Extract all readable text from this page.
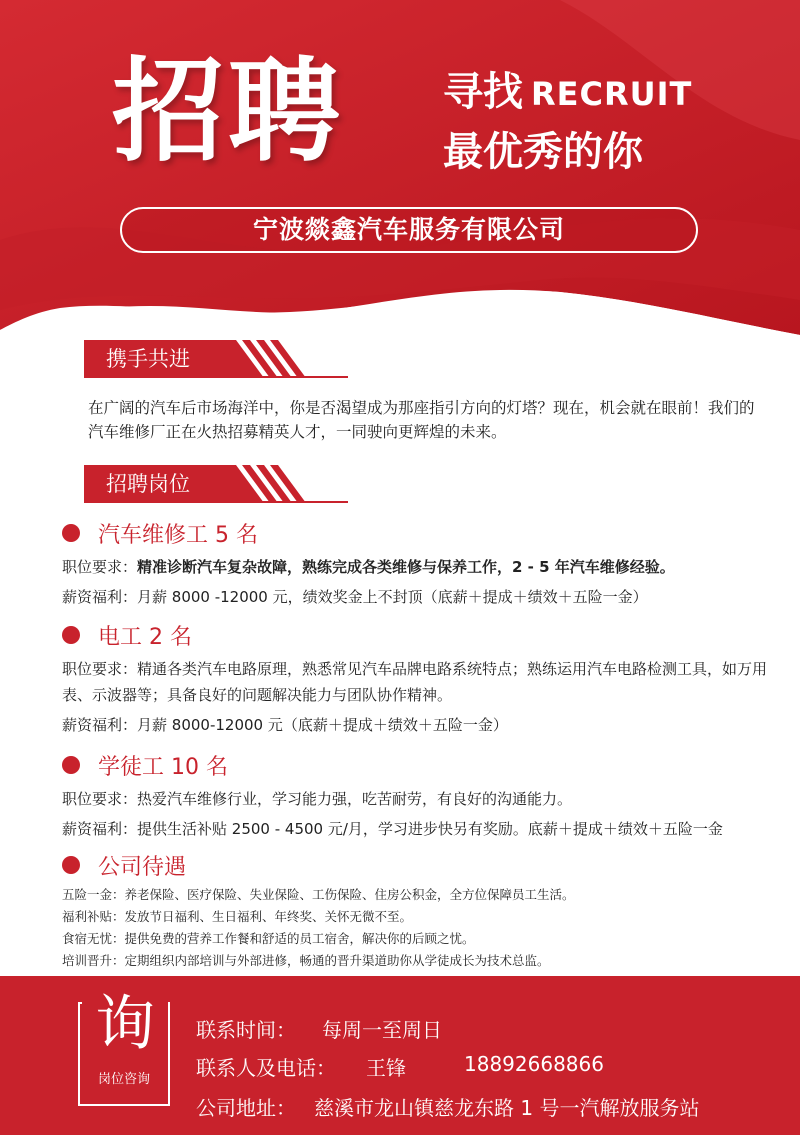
招聘 寻找 RECRUIT
最优秀的你
宁波燚鑫汽车服务有限公司
携手共进
在广阔的汽车后市场海洋中，你是否渴望成为那座指引方向的灯塔？现在，机会就在眼前！我们的汽车维修厂正在火热招募精英人才，一同驶向更辉煌的未来。
招聘岗位
汽车维修工 5 名
职位要求：精准诊断汽车复杂故障，熟练完成各类维修与保养工作，2 - 5 年汽车维修经验。
薪资福利：月薪 8000 -12000 元，绩效奖金上不封顶（底薪＋提成＋绩效＋五险一金）
电工 2 名
职位要求：精通各类汽车电路原理，熟悉常见汽车品牌电路系统特点；熟练运用汽车电路检测工具，如万用表、示波器等；具备良好的问题解决能力与团队协作精神。
薪资福利：月薪 8000-12000 元（底薪＋提成＋绩效＋五险一金）
学徒工 10 名
职位要求：热爱汽车维修行业，学习能力强，吃苦耐劳，有良好的沟通能力。
薪资福利：提供生活补贴 2500 - 4500 元/月，学习进步快另有奖励。底薪＋提成＋绩效＋五险一金
公司待遇
五险一金：养老保险、医疗保险、失业保险、工伤保险、住房公积金，全方位保障员工生活。
福利补贴：发放节日福利、生日福利、年终奖、关怀无微不至。
食宿无忧：提供免费的营养工作餐和舒适的员工宿舍，解决你的后顾之忧。
培训晋升：定期组织内部培训与外部进修，畅通的晋升渠道助你从学徒成长为技术总监。
询
岗位咨询
联系时间： 每周一至周日
联系人及电话： 王锋	18892668866
公司地址： 慈溪市龙山镇慈龙东路 1 号一汽解放服务站
